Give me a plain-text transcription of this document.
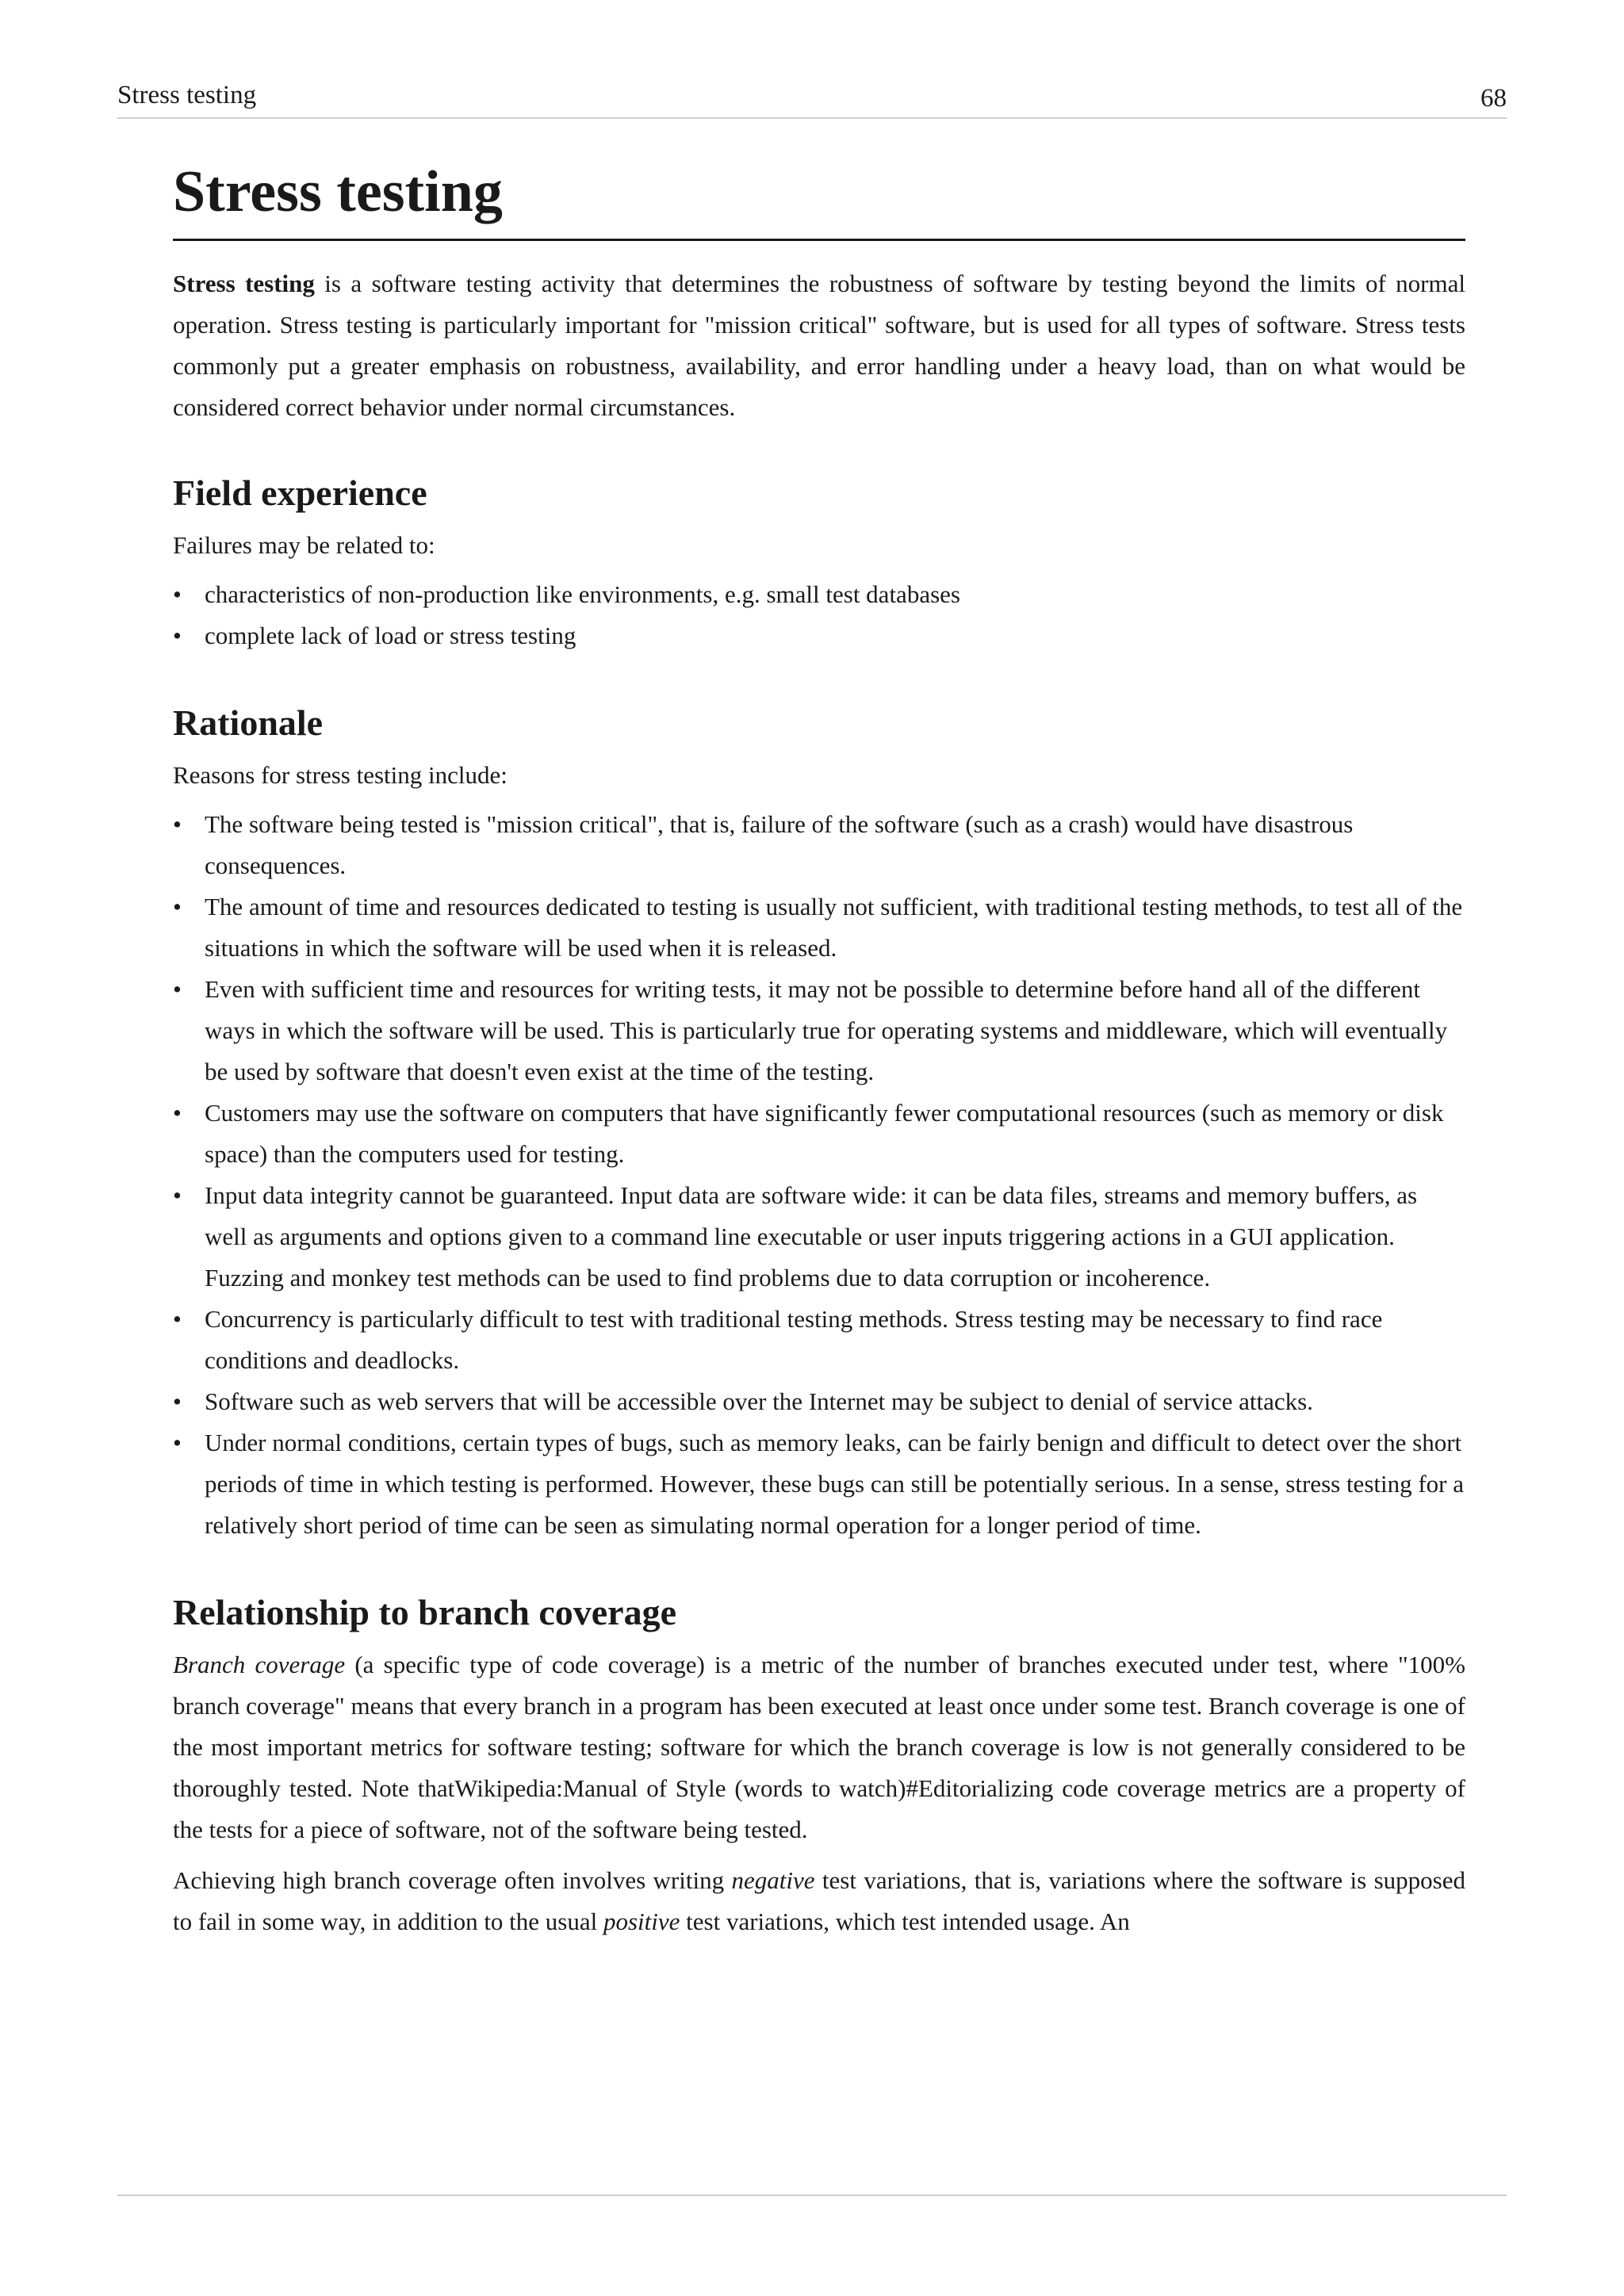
Stress testing	68
Stress testing

Stress testing is a software testing activity that determines the robustness of software by testing beyond the limits of normal operation. Stress testing is particularly important for "mission critical" software, but is used for all types of software. Stress tests commonly put a greater emphasis on robustness, availability, and error handling under a heavy load, than on what would be considered correct behavior under normal circumstances.

Field experience

Failures may be related to:

• characteristics of non-production like environments, e.g. small test databases
• complete lack of load or stress testing
Rationale

Reasons for stress testing include:

• The software being tested is "mission critical", that is, failure of the software (such as a crash) would have disastrous consequences.
• The amount of time and resources dedicated to testing is usually not sufficient, with traditional testing methods, to test all of the situations in which the software will be used when it is released.
• Even with sufficient time and resources for writing tests, it may not be possible to determine before hand all of the different ways in which the software will be used. This is particularly true for operating systems and middleware, which will eventually be used by software that doesn't even exist at the time of the testing.
• Customers may use the software on computers that have significantly fewer computational resources (such as memory or disk space) than the computers used for testing.
• Input data integrity cannot be guaranteed. Input data are software wide: it can be data files, streams and memory buffers, as well as arguments and options given to a command line executable or user inputs triggering actions in a GUI application. Fuzzing and monkey test methods can be used to find problems due to data corruption or incoherence.
• Concurrency is particularly difficult to test with traditional testing methods. Stress testing may be necessary to find race conditions and deadlocks.
• Software such as web servers that will be accessible over the Internet may be subject to denial of service attacks.
• Under normal conditions, certain types of bugs, such as memory leaks, can be fairly benign and difficult to detect over the short periods of time in which testing is performed. However, these bugs can still be potentially serious. In a sense, stress testing for a relatively short period of time can be seen as simulating normal operation for a longer period of time.
Relationship to branch coverage

Branch coverage (a specific type of code coverage) is a metric of the number of branches executed under test, where "100% branch coverage" means that every branch in a program has been executed at least once under some test. Branch coverage is one of the most important metrics for software testing; software for which the branch coverage is low is not generally considered to be thoroughly tested. Note thatWikipedia:Manual of Style (words to watch)#Editorializing code coverage metrics are a property of the tests for a piece of software, not of the software being tested.

Achieving high branch coverage often involves writing negative test variations, that is, variations where the software is supposed to fail in some way, in addition to the usual positive test variations, which test intended usage. An
